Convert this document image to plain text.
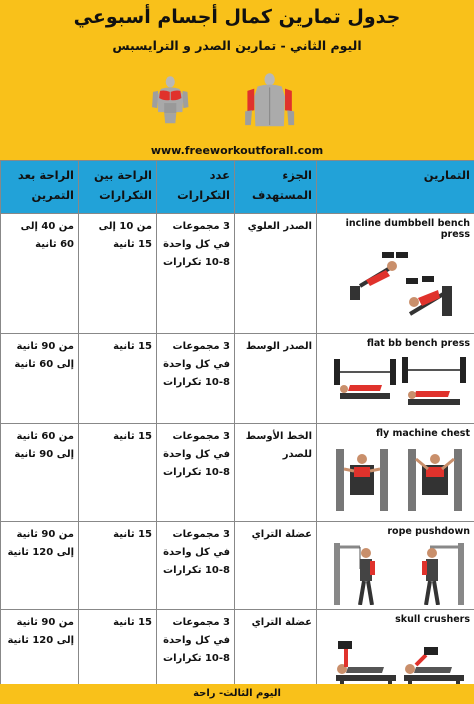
جدول تمارين كمال أجسام أسبوعي
اليوم الثاني - تمارين الصدر و الترايسبس
www.freeworkoutforall.com
التمارين	الجزء المستهدف	عدد التكرارات	الراحة بين التكرارات	الراحة بعد التمرين

incline dumbbell bench press	الصدر العلوي	3 مجموعات في كل واحدة 8-10 تكرارات	من 10 إلى 15 ثانية	من 40 إلى 60 ثانية

flat bb bench press	الصدر الوسط	3 مجموعات في كل واحدة 8-10 تكرارات	15 ثانية	من 90 ثانية إلى 60 ثانية

fly machine chest	الخط الأوسط للصدر	3 مجموعات في كل واحدة 8-10 تكرارات	15 ثانية	من 60 ثانية إلى 90 ثانية

rope pushdown	عضلة التراي	3 مجموعات في كل واحدة 8-10 تكرارات	15 ثانية	من 90 ثانية إلى 120 ثانية

skull crushers	عضلة التراي	3 مجموعات في كل واحدة 8-10 تكرارات	15 ثانية	من 90 ثانية إلى 120 ثانية
اليوم الثالث- راحة
